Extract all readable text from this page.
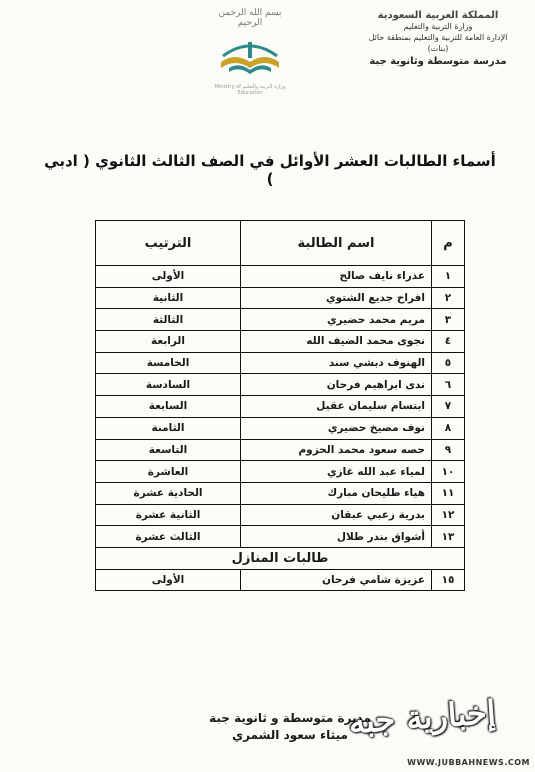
المملكة العربية السعودية
وزارة التربية والتعليم
الإدارة العامة للتربية والتعليم بمنطقة حائل (بنات)
مدرسة متوسطة وثانوية جبة
بسم الله الرحمن الرحيم
وزارة التربية والتعليم Ministry of Education
أسماء الطالبات العشر الأوائل في الصف الثالث الثانوي ( ادبي )
م	اسم الطالبة	الترتيب
١	عذراء نايف صالح	الأولى
٢	افراح جديع الشتوي	الثانية
٣	مريم محمد حضيري	الثالثة
٤	نجوى محمد الضيف الله	الرابعة
٥	الهنوف دبشي سند	الخامسة
٦	ندى ابراهيم فرحان	السادسة
٧	ابتسام سليمان عقيل	السابعة
٨	نوف مصيخ حضيري	الثامنة
٩	حصه سعود محمد الحزوم	التاسعة
١٠	لمياء عبد الله غازي	العاشرة
١١	هياء طليحان مبارك	الحادية عشرة
١٢	بدرية زعبي عبقان	الثانية عشرة
١٣	أشواق بندر طلال	الثالث عشرة
طالبات المنازل		
١٥	عزيزة شامي فرحان	الأولى
مديرة متوسطة و ثانوية جبة
ميثاء سعود الشمري إخبارية جبه
WWW.JUBBAHNEWS.COM
